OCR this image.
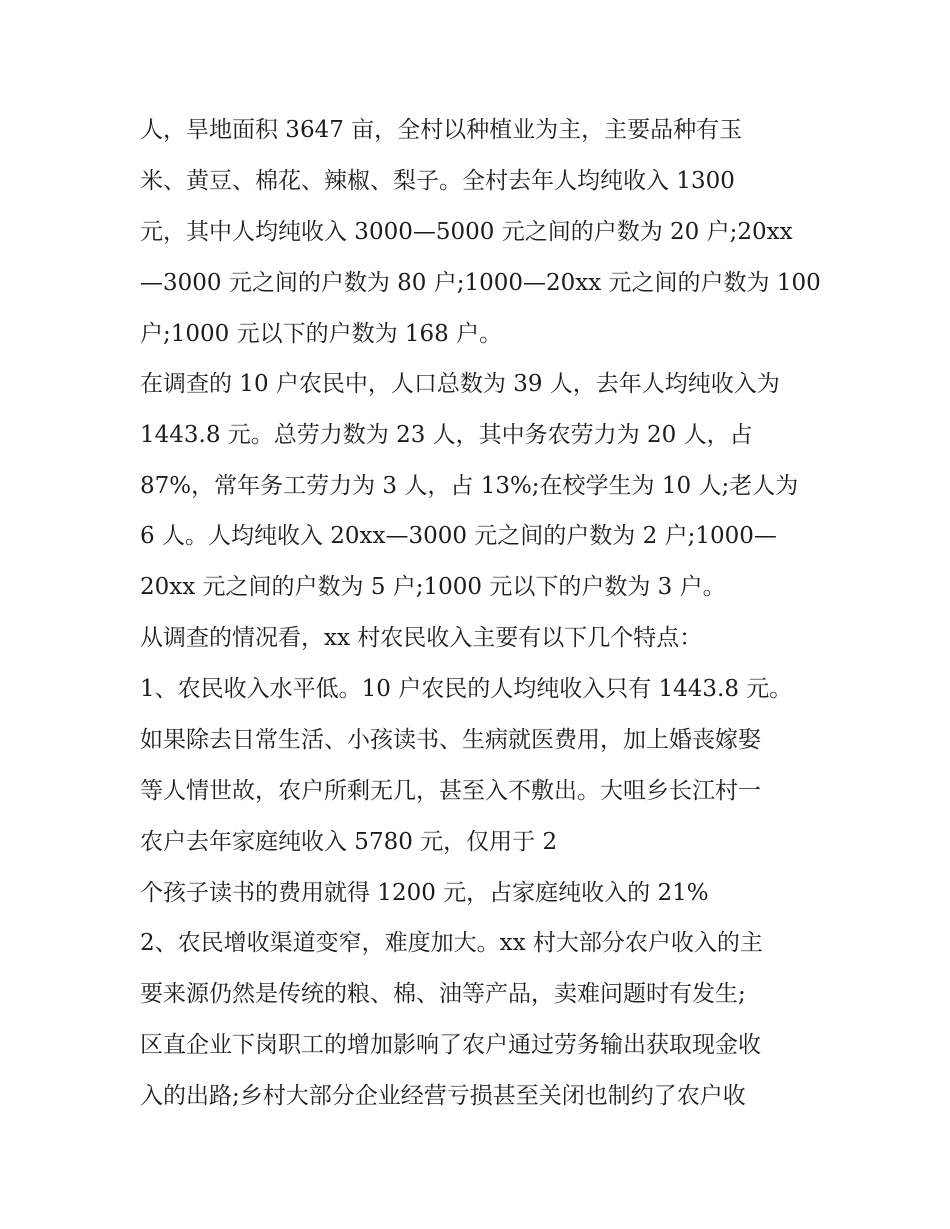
人，旱地面积 3647 亩，全村以种植业为主，主要品种有玉
米、黄豆、棉花、辣椒、梨子。全村去年人均纯收入 1300
元，其中人均纯收入 3000—5000 元之间的户数为 20 户;20xx
—3000 元之间的户数为 80 户;1000—20xx 元之间的户数为 100
户;1000 元以下的户数为 168 户。
在调查的 10 户农民中，人口总数为 39 人，去年人均纯收入为
1443.8 元。总劳力数为 23 人，其中务农劳力为 20 人，占
87%，常年务工劳力为 3 人，占 13%;在校学生为 10 人;老人为
6 人。人均纯收入 20xx—3000 元之间的户数为 2 户;1000—
20xx 元之间的户数为 5 户;1000 元以下的户数为 3 户。
从调查的情况看，xx 村农民收入主要有以下几个特点：
1、农民收入水平低。10 户农民的人均纯收入只有 1443.8 元。
如果除去日常生活、小孩读书、生病就医费用，加上婚丧嫁娶
等人情世故，农户所剩无几，甚至入不敷出。大咀乡长江村一
农户去年家庭纯收入 5780 元，仅用于 2
个孩子读书的费用就得 1200 元，占家庭纯收入的 21%
2、农民增收渠道变窄，难度加大。xx 村大部分农户收入的主
要来源仍然是传统的粮、棉、油等产品，卖难问题时有发生;
区直企业下岗职工的增加影响了农户通过劳务输出获取现金收
入的出路;乡村大部分企业经营亏损甚至关闭也制约了农户收
